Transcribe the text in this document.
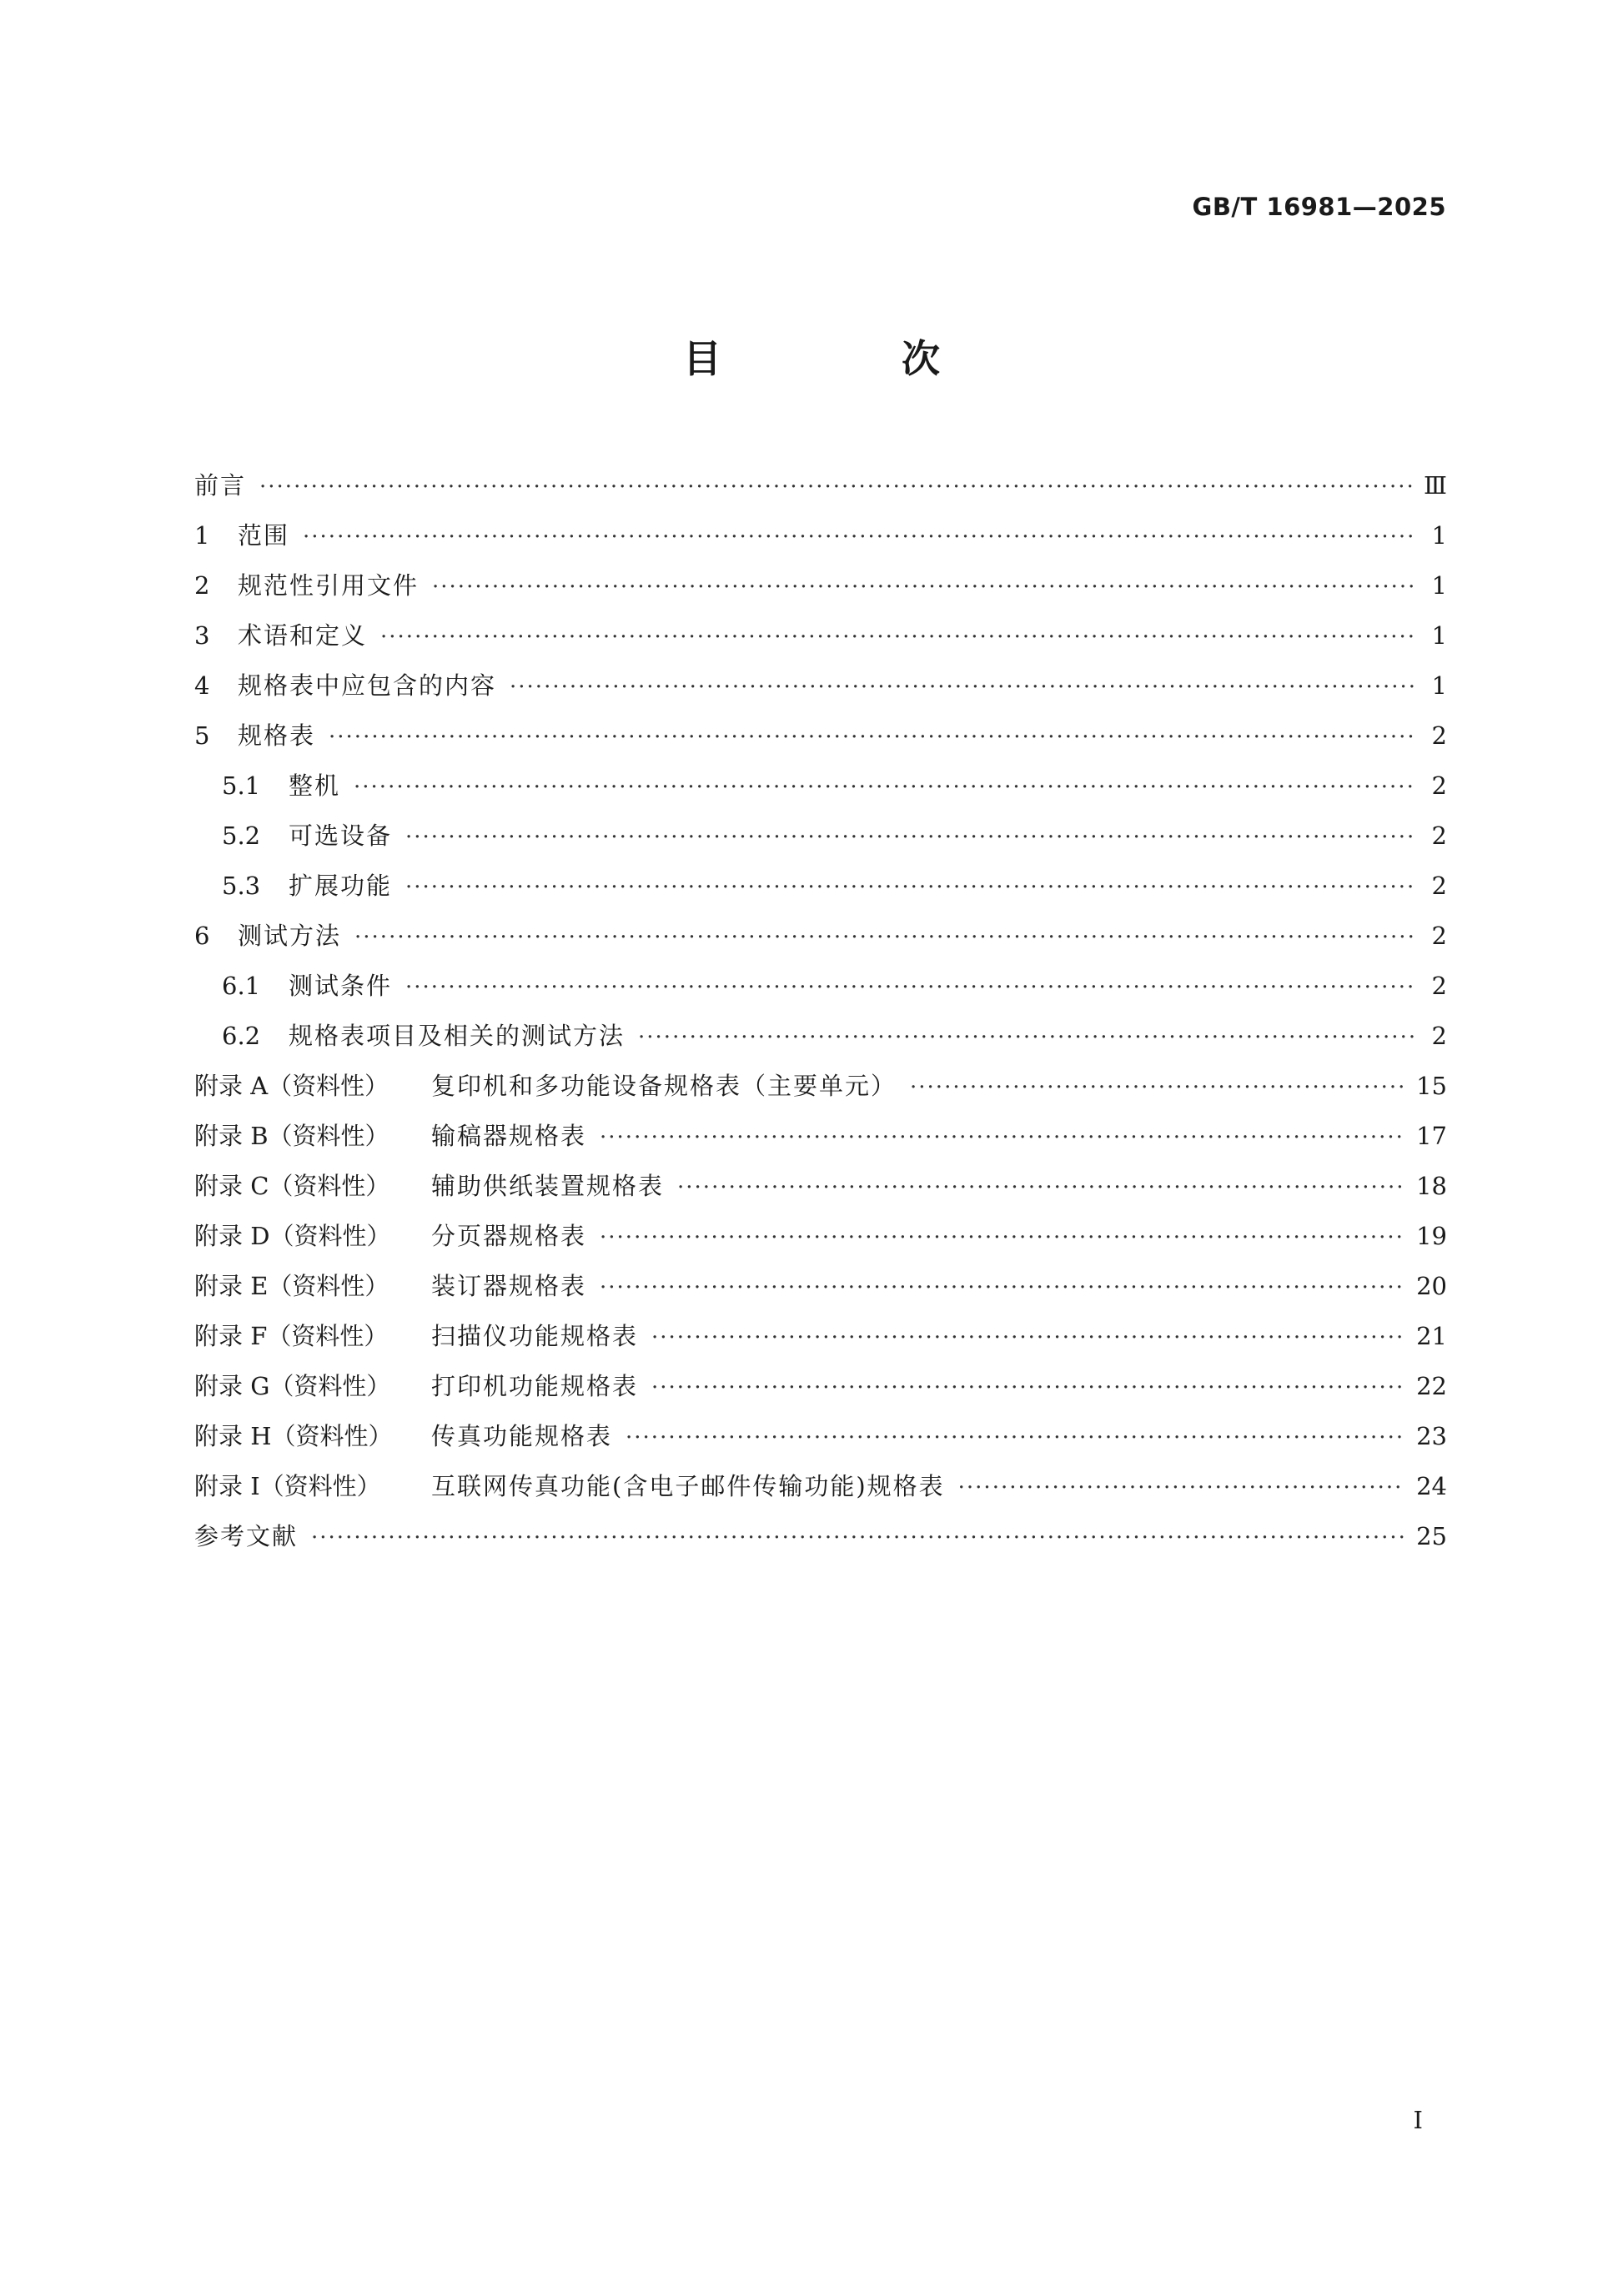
GB/T 16981—2025
目 次
前言 ·····	Ⅲ
1	范围 ·····	1
2	规范性引用文件 ·····	1
3	术语和定义 ·····	1
4	规格表中应包含的内容 ·····	1
5	规格表 ·····	2
5.1	整机 ·····	2
5.2	可选设备 ·····	2
5.3	扩展功能 ·····	2
6	测试方法 ·····	2
6.1	测试条件 ·····	2
6.2	规格表项目及相关的测试方法 ·····	2
附录 A（资料性）	复印机和多功能设备规格表（主要单元） ·····	15
附录 B（资料性）	输稿器规格表 ·····	17
附录 C（资料性）	辅助供纸装置规格表 ·····	18
附录 D（资料性）	分页器规格表 ·····	19
附录 E（资料性）	装订器规格表 ·····	20
附录 F（资料性）	扫描仪功能规格表 ·····	21
附录 G（资料性）	打印机功能规格表 ·····	22
附录 H（资料性）	传真功能规格表 ·····	23
附录 I（资料性）	互联网传真功能(含电子邮件传输功能)规格表 ·····	24
参考文献 ·····	25
I
